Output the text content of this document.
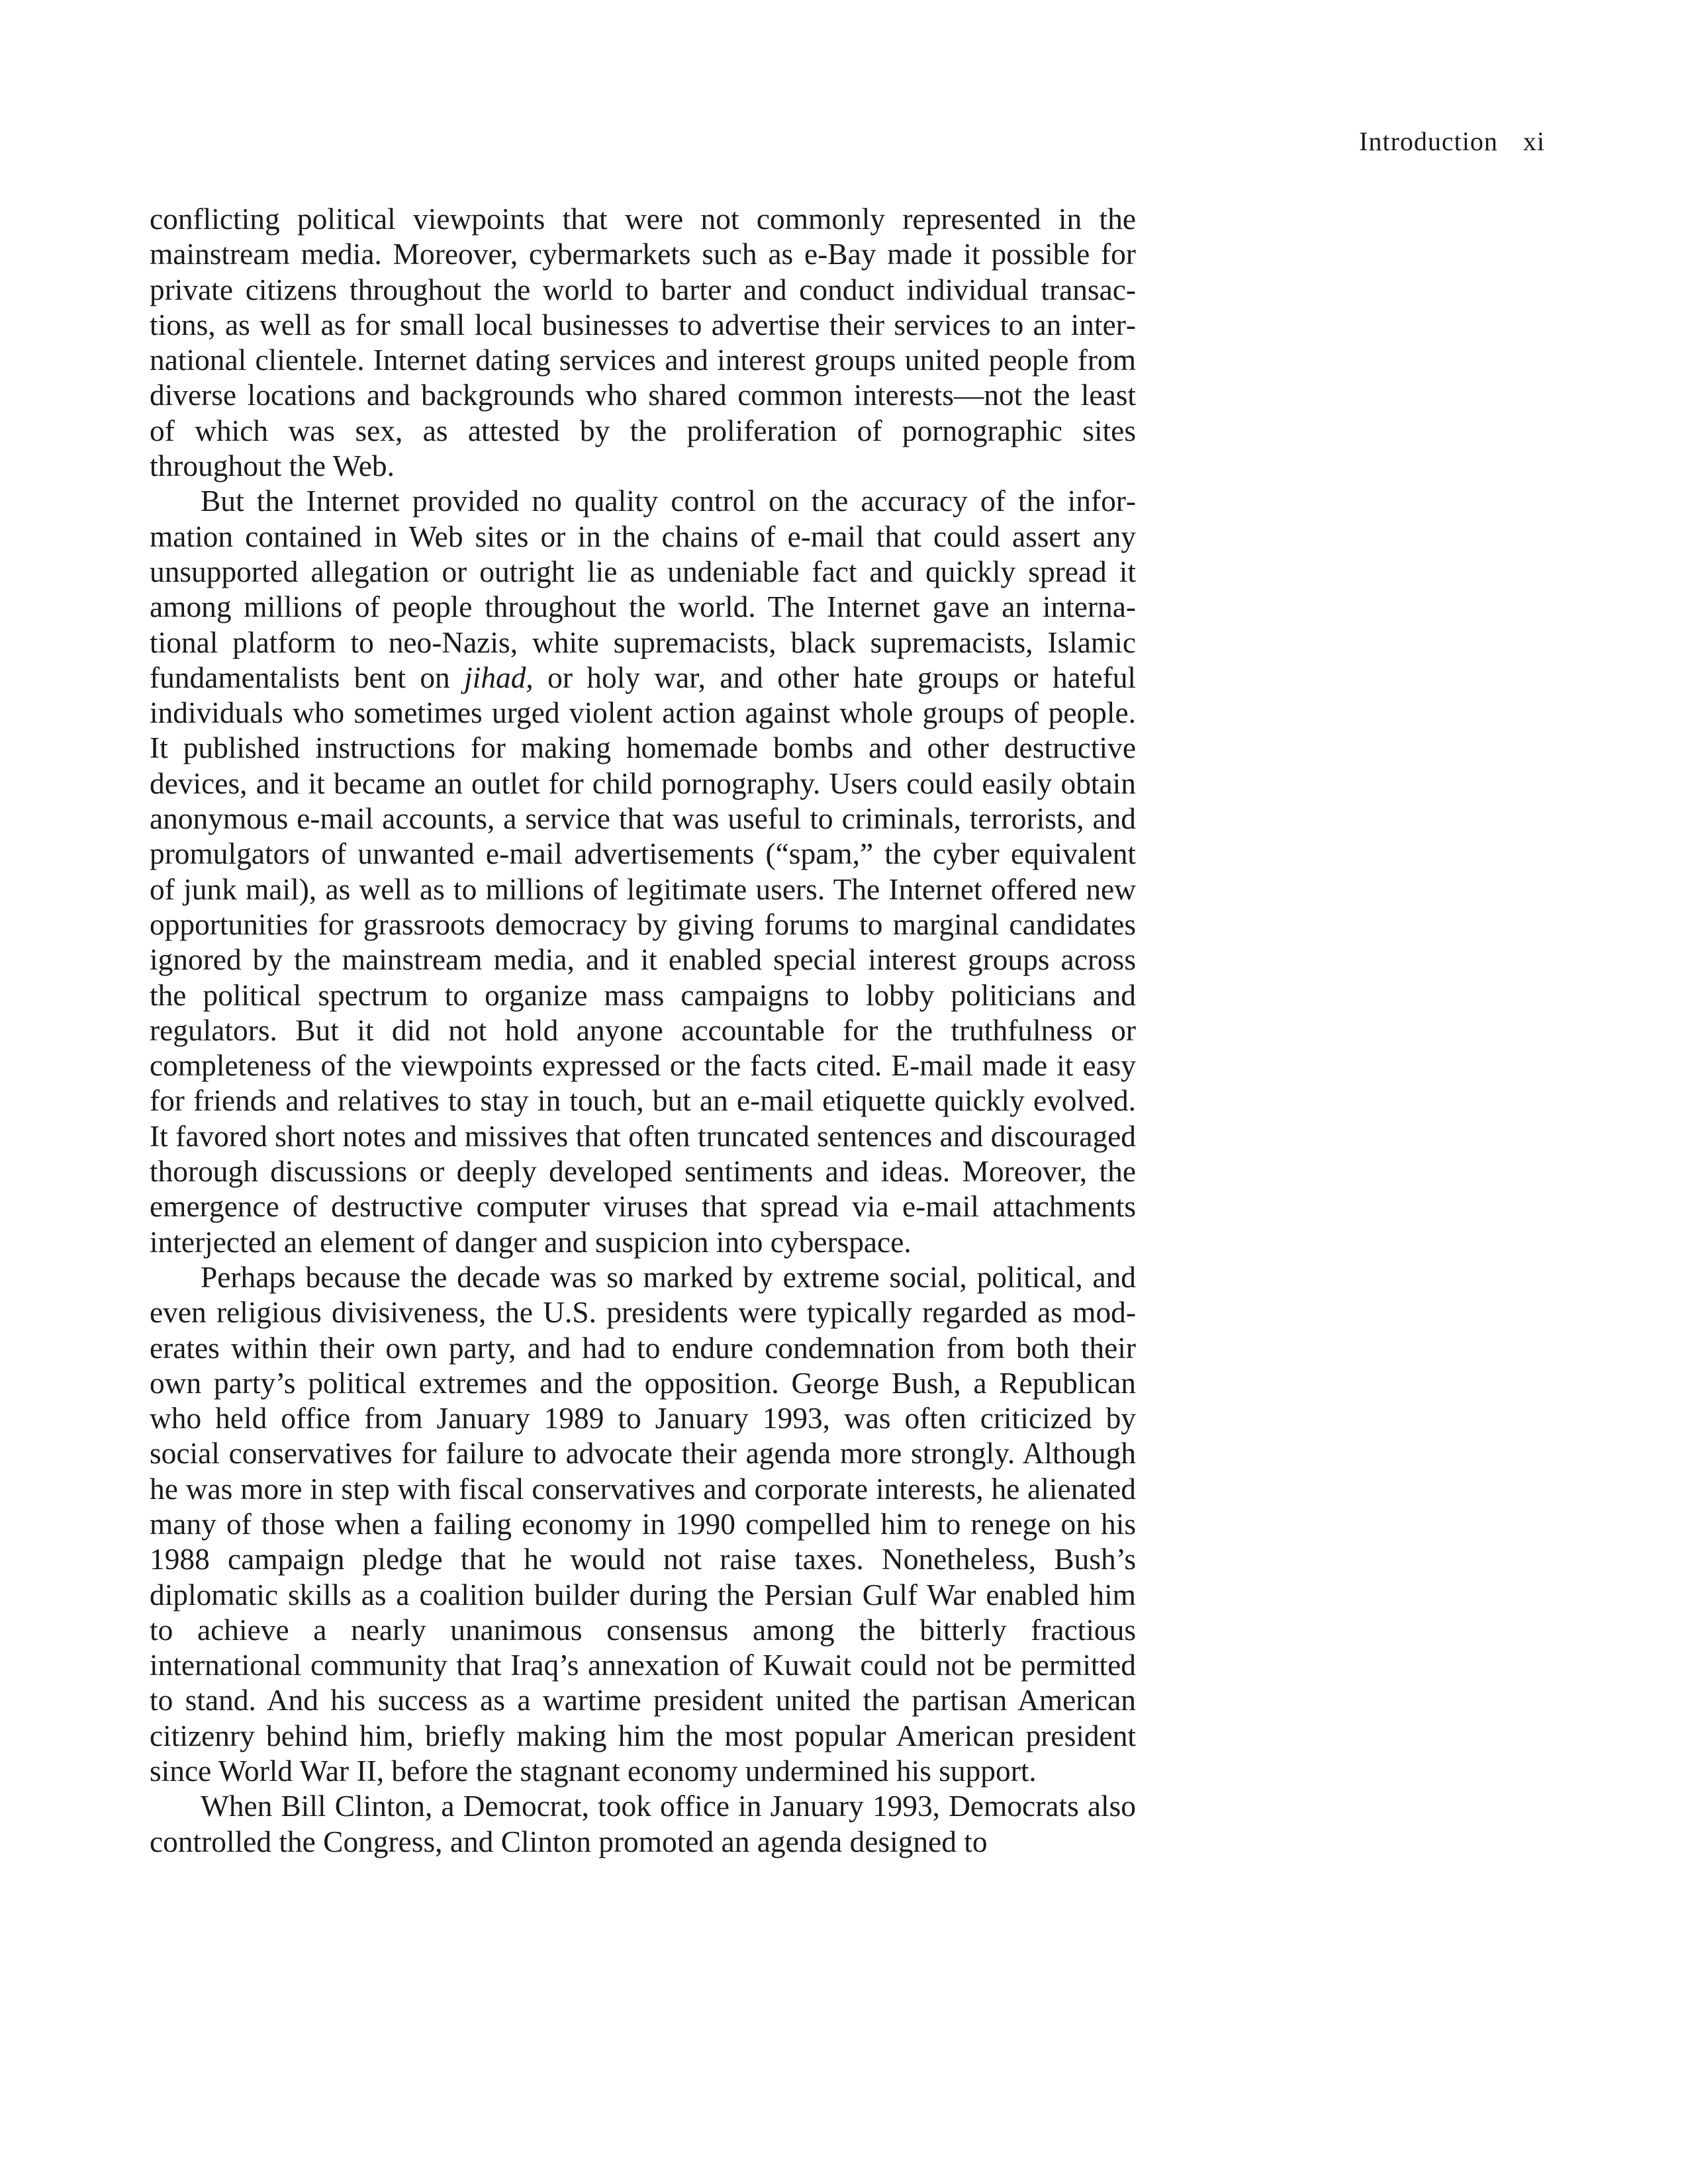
Introduction xi

conflicting political viewpoints that were not commonly represented in the mainstream media. Moreover, cybermarkets such as e-Bay made it possible for private citizens throughout the world to barter and conduct individual transactions, as well as for small local businesses to advertise their services to an international clientele. Internet dating services and interest groups united people from diverse locations and backgrounds who shared common interests—not the least of which was sex, as attested by the proliferation of pornographic sites throughout the Web.

But the Internet provided no quality control on the accuracy of the information contained in Web sites or in the chains of e-mail that could assert any unsupported allegation or outright lie as undeniable fact and quickly spread it among millions of people throughout the world. The Internet gave an international platform to neo-Nazis, white supremacists, black supremacists, Islamic fundamentalists bent on jihad, or holy war, and other hate groups or hateful individuals who sometimes urged violent action against whole groups of people. It published instructions for making homemade bombs and other destructive devices, and it became an outlet for child pornography. Users could easily obtain anonymous e-mail accounts, a service that was useful to criminals, terrorists, and promulgators of unwanted e-mail advertisements (“spam,” the cyber equivalent of junk mail), as well as to millions of legitimate users. The Internet offered new opportunities for grassroots democracy by giving forums to marginal candidates ignored by the mainstream media, and it enabled special interest groups across the political spectrum to organize mass campaigns to lobby politicians and regulators. But it did not hold anyone accountable for the truthfulness or completeness of the viewpoints expressed or the facts cited. E-mail made it easy for friends and relatives to stay in touch, but an e-mail etiquette quickly evolved. It favored short notes and missives that often truncated sentences and discouraged thorough discussions or deeply developed sentiments and ideas. Moreover, the emergence of destructive computer viruses that spread via e-mail attachments interjected an element of danger and suspicion into cyberspace.

Perhaps because the decade was so marked by extreme social, political, and even religious divisiveness, the U.S. presidents were typically regarded as moderates within their own party, and had to endure condemnation from both their own party’s political extremes and the opposition. George Bush, a Republican who held office from January 1989 to January 1993, was often criticized by social conservatives for failure to advocate their agenda more strongly. Although he was more in step with fiscal conservatives and corporate interests, he alienated many of those when a failing economy in 1990 compelled him to renege on his 1988 campaign pledge that he would not raise taxes. Nonetheless, Bush’s diplomatic skills as a coalition builder during the Persian Gulf War enabled him to achieve a nearly unanimous consensus among the bitterly fractious international community that Iraq’s annexation of Kuwait could not be permitted to stand. And his success as a wartime president united the partisan American citizenry behind him, briefly making him the most popular American president since World War II, before the stagnant economy undermined his support.

When Bill Clinton, a Democrat, took office in January 1993, Democrats also controlled the Congress, and Clinton promoted an agenda designed to
